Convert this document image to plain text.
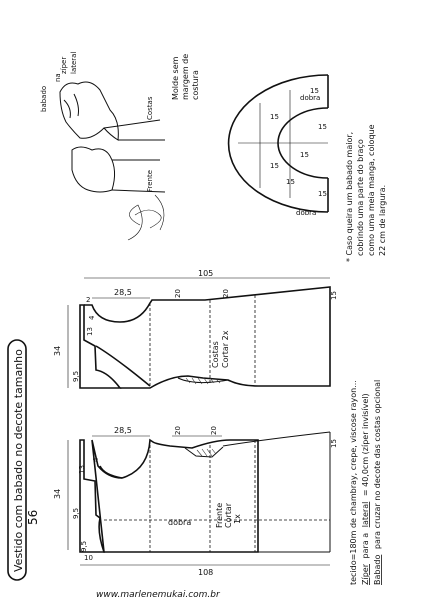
Vestido com babado no decote tamanho 56
www.marlenemukai.com.br
Frente Cortar 1x
dobra
34
9,5
9,5
13
4
28,5	20	20
15
108
10
Costas Cortar 2x
34
9,5
13
4
28,5	20	20	15
105
2
dobra
dobra
15
15
15
15
15
15
15
Costas
Frente
babado
zíper lateral
na	Molde sem margem de costura
tecido=180m de chambray, crepe, viscose rayon... Zíper para a lateral = 40,0cm (zíper invisível)
Babado para cruzar no decote das costas opcional
* Caso queira um babado maior, cobrindo uma parte do braço como uma meia manga, coloque 22 cm de largura.
